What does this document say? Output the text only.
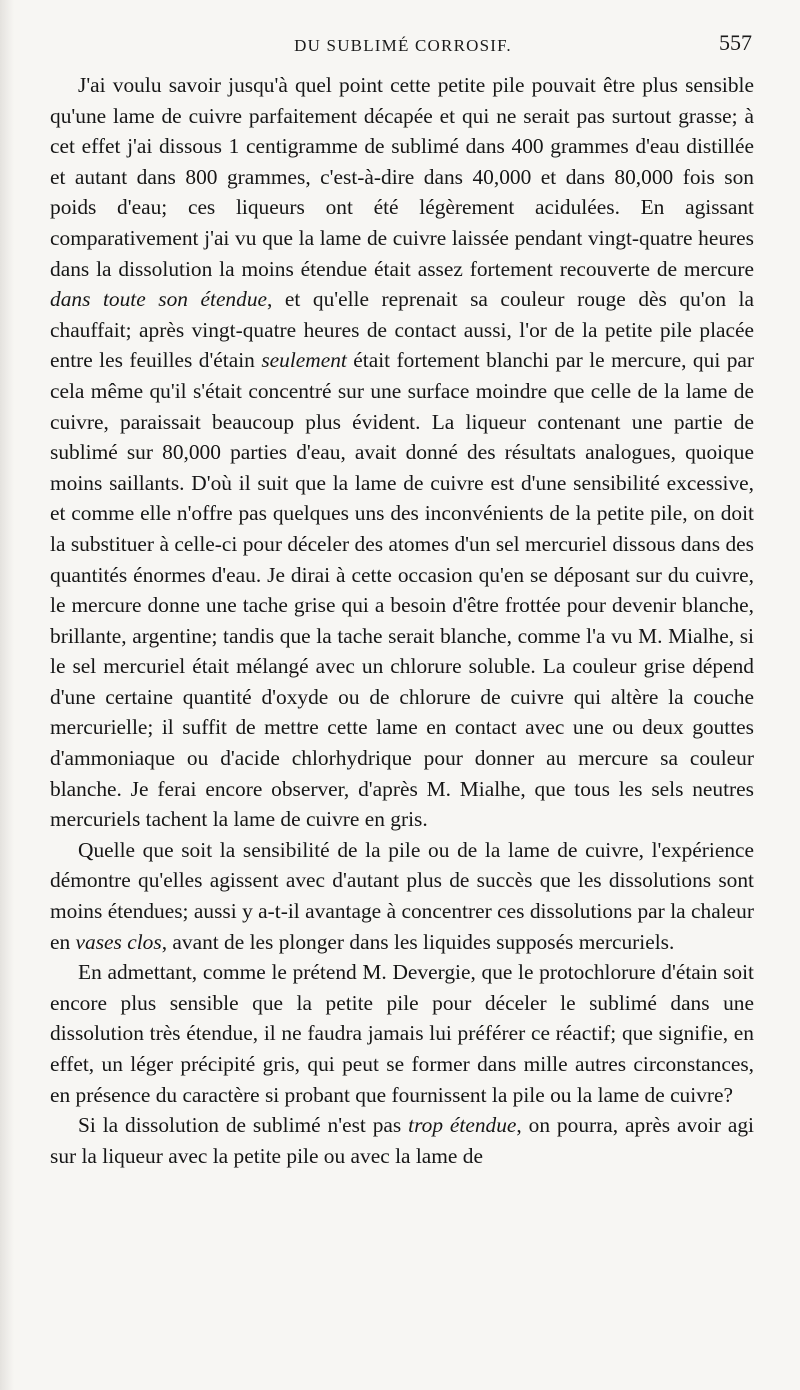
DU SUBLIMÉ CORROSIF.	557

J'ai voulu savoir jusqu'à quel point cette petite pile pouvait être plus sensible qu'une lame de cuivre parfaitement décapée et qui ne serait pas surtout grasse; à cet effet j'ai dissous 1 centigramme de sublimé dans 400 grammes d'eau distillée et autant dans 800 grammes, c'est-à-dire dans 40,000 et dans 80,000 fois son poids d'eau; ces liqueurs ont été légèrement acidulées. En agissant comparativement j'ai vu que la lame de cuivre laissée pendant vingt-quatre heures dans la dissolution la moins étendue était assez fortement recouverte de mercure dans toute son étendue, et qu'elle reprenait sa couleur rouge dès qu'on la chauffait; après vingt-quatre heures de contact aussi, l'or de la petite pile placée entre les feuilles d'étain seulement était fortement blanchi par le mercure, qui par cela même qu'il s'était concentré sur une surface moindre que celle de la lame de cuivre, paraissait beaucoup plus évident. La liqueur contenant une partie de sublimé sur 80,000 parties d'eau, avait donné des résultats analogues, quoique moins saillants. D'où il suit que la lame de cuivre est d'une sensibilité excessive, et comme elle n'offre pas quelques uns des inconvénients de la petite pile, on doit la substituer à celle-ci pour déceler des atomes d'un sel mercuriel dissous dans des quantités énormes d'eau. Je dirai à cette occasion qu'en se déposant sur du cuivre, le mercure donne une tache grise qui a besoin d'être frottée pour devenir blanche, brillante, argentine; tandis que la tache serait blanche, comme l'a vu M. Mialhe, si le sel mercuriel était mélangé avec un chlorure soluble. La couleur grise dépend d'une certaine quantité d'oxyde ou de chlorure de cuivre qui altère la couche mercurielle; il suffit de mettre cette lame en contact avec une ou deux gouttes d'ammoniaque ou d'acide chlorhydrique pour donner au mercure sa couleur blanche. Je ferai encore observer, d'après M. Mialhe, que tous les sels neutres mercuriels tachent la lame de cuivre en gris.

Quelle que soit la sensibilité de la pile ou de la lame de cuivre, l'expérience démontre qu'elles agissent avec d'autant plus de succès que les dissolutions sont moins étendues; aussi y a-t-il avantage à concentrer ces dissolutions par la chaleur en vases clos, avant de les plonger dans les liquides supposés mercuriels.

En admettant, comme le prétend M. Devergie, que le protochlorure d'étain soit encore plus sensible que la petite pile pour déceler le sublimé dans une dissolution très étendue, il ne faudra jamais lui préférer ce réactif; que signifie, en effet, un léger précipité gris, qui peut se former dans mille autres circonstances, en présence du caractère si probant que fournissent la pile ou la lame de cuivre?

Si la dissolution de sublimé n'est pas trop étendue, on pourra, après avoir agi sur la liqueur avec la petite pile ou avec la lame de
